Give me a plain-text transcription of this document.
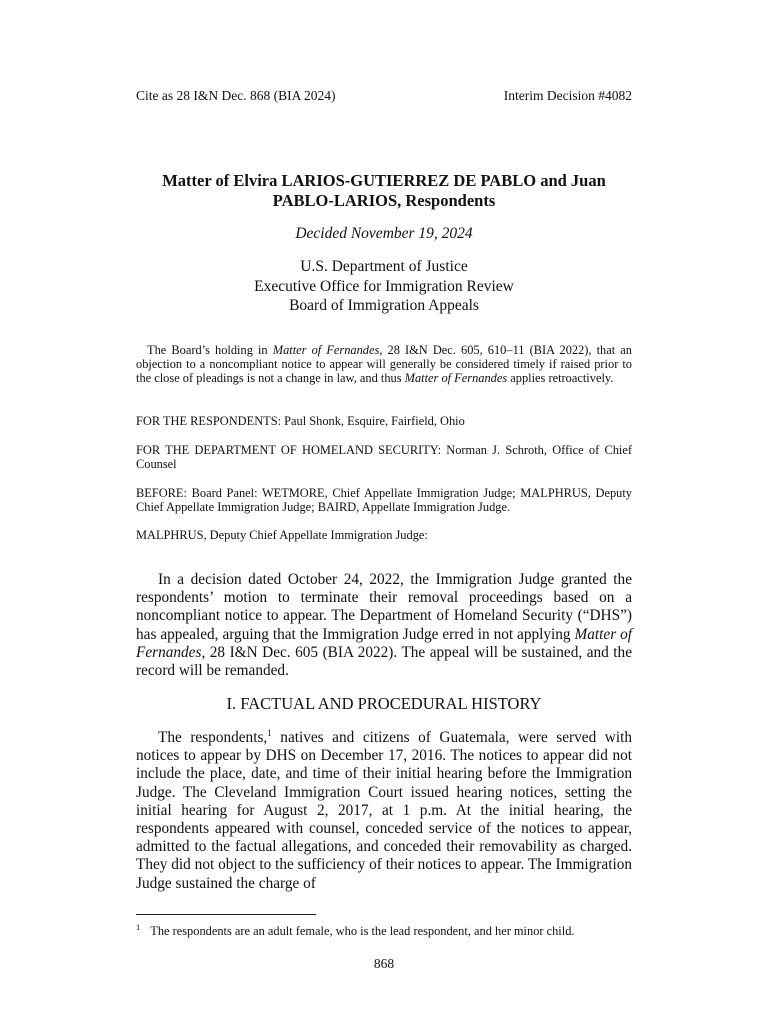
Cite as 28 I&N Dec. 868 (BIA 2024)	Interim Decision #4082
Matter of Elvira LARIOS-GUTIERREZ DE PABLO and Juan
PABLO-LARIOS, Respondents
Decided November 19, 2024
U.S. Department of Justice
Executive Office for Immigration Review
Board of Immigration Appeals
The Board’s holding in Matter of Fernandes, 28 I&N Dec. 605, 610–11 (BIA 2022), that an objection to a noncompliant notice to appear will generally be considered timely if raised prior to the close of pleadings is not a change in law, and thus Matter of Fernandes applies retroactively.
FOR THE RESPONDENTS: Paul Shonk, Esquire, Fairfield, Ohio
FOR THE DEPARTMENT OF HOMELAND SECURITY: Norman J. Schroth, Office of Chief Counsel
BEFORE: Board Panel: WETMORE, Chief Appellate Immigration Judge; MALPHRUS, Deputy Chief Appellate Immigration Judge; BAIRD, Appellate Immigration Judge.
MALPHRUS, Deputy Chief Appellate Immigration Judge:
In a decision dated October 24, 2022, the Immigration Judge granted the respondents’ motion to terminate their removal proceedings based on a noncompliant notice to appear. The Department of Homeland Security (“DHS”) has appealed, arguing that the Immigration Judge erred in not applying Matter of Fernandes, 28 I&N Dec. 605 (BIA 2022). The appeal will be sustained, and the record will be remanded.
I. FACTUAL AND PROCEDURAL HISTORY
The respondents,$^1$ natives and citizens of Guatemala, were served with notices to appear by DHS on December 17, 2016. The notices to appear did not include the place, date, and time of their initial hearing before the Immigration Judge. The Cleveland Immigration Court issued hearing notices, setting the initial hearing for August 2, 2017, at 1 p.m. At the initial hearing, the respondents appeared with counsel, conceded service of the notices to appear, admitted to the factual allegations, and conceded their removability as charged. They did not object to the sufficiency of their notices to appear. The Immigration Judge sustained the charge of
$^1$ The respondents are an adult female, who is the lead respondent, and her minor child.
868
